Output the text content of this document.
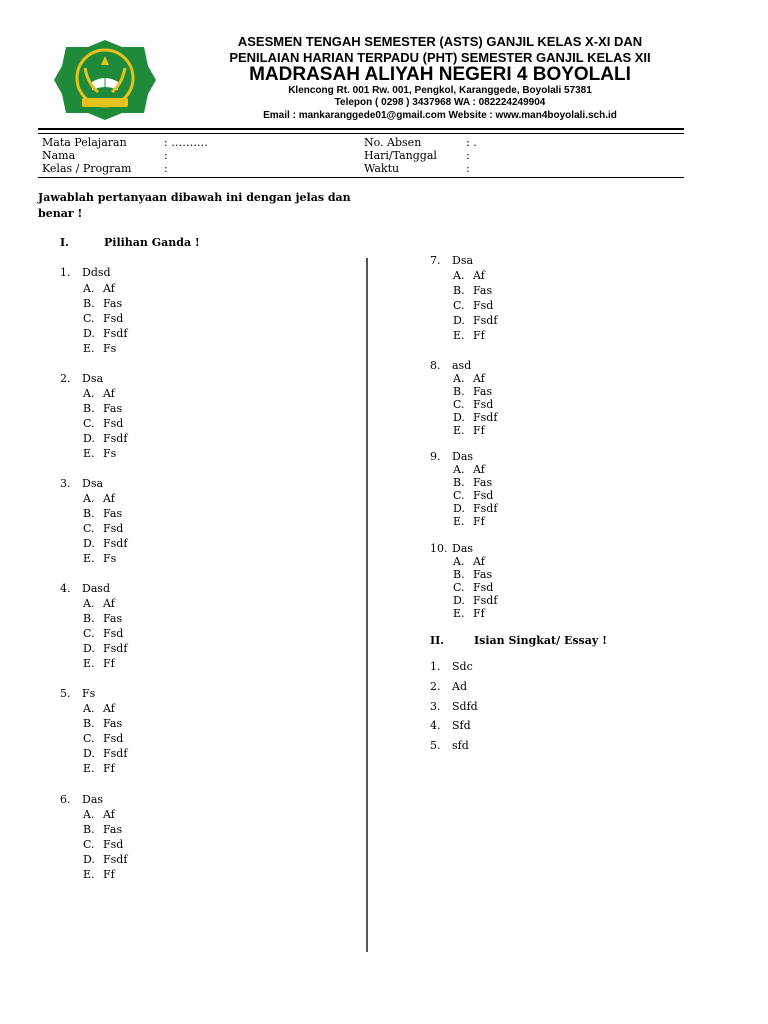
ASESMEN TENGAH SEMESTER (ASTS) GANJIL KELAS X-XI DAN
PENILAIAN HARIAN TERPADU (PHT) SEMESTER GANJIL KELAS XII
MADRASAH ALIYAH NEGERI 4 BOYOLALI
Klencong Rt. 001 Rw. 001, Pengkol, Karanggede, Boyolali 57381
Telepon ( 0298 ) 3437968 WA : 082224249904
Email : mankaranggede01@gmail.com Website : www.man4boyolali.sch.id
Mata Pelajaran	: ……….
Nama	:
Kelas / Program	:
No. Absen	: .
Hari/Tanggal	:
Waktu	:
Jawablah pertanyaan dibawah ini dengan jelas dan benar !
I.	Pilihan Ganda !
1. Ddsd
A. Af
B. Fas
C. Fsd
D. Fsdf
E. Fs
2. Dsa
A. Af
B. Fas
C. Fsd
D. Fsdf
E. Fs
3. Dsa
A. Af
B. Fas
C. Fsd
D. Fsdf
E. Fs
4. Dasd
A. Af
B. Fas
C. Fsd
D. Fsdf
E. Ff
5. Fs
A. Af
B. Fas
C. Fsd
D. Fsdf
E. Ff
6. Das
A. Af
B. Fas
C. Fsd
D. Fsdf
E. Ff
7. Dsa
A. Af
B. Fas
C. Fsd
D. Fsdf
E. Ff
8. asd
A. Af
B. Fas
C. Fsd
D. Fsdf
E. Ff
9. Das
A. Af
B. Fas
C. Fsd
D. Fsdf
E. Ff
10. Das
A. Af
B. Fas
C. Fsd
D. Fsdf
E. Ff
II.	Isian Singkat/ Essay !
1. Sdc
2. Ad
3. Sdfd
4. Sfd
5. sfd
